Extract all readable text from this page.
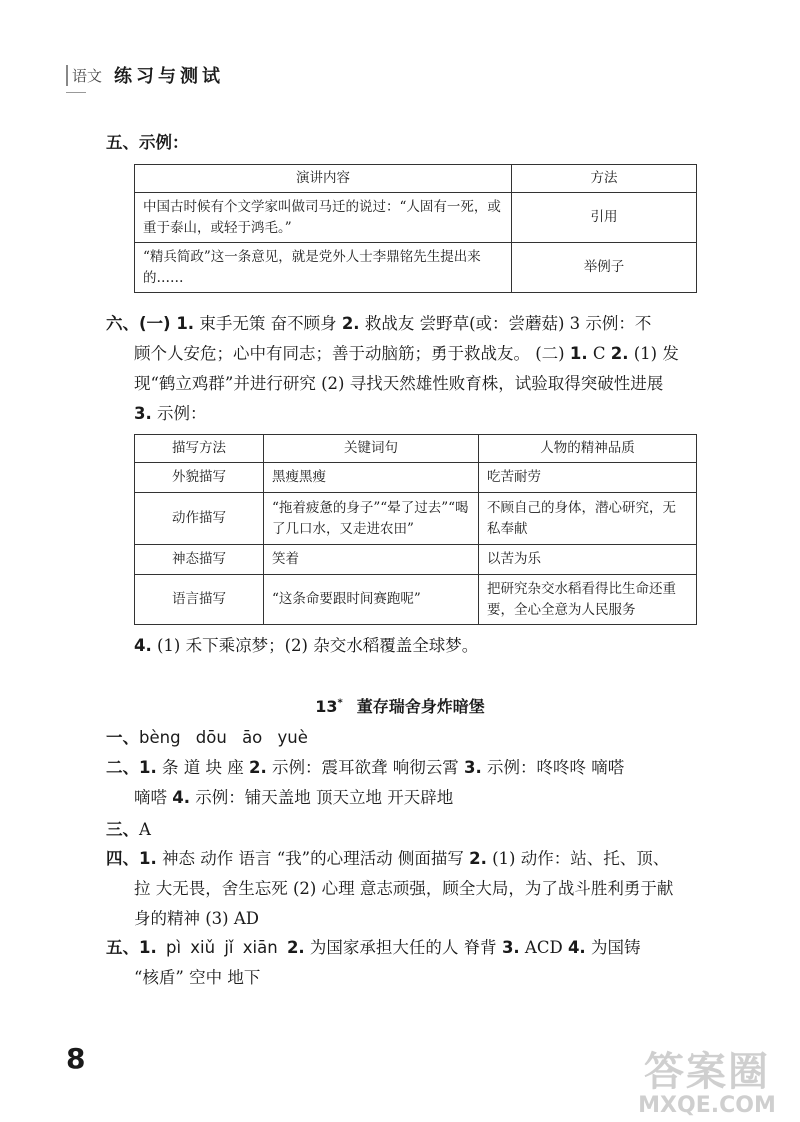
语文 练习与测试
五、示例：
演讲内容	方法
中国古时候有个文学家叫做司马迁的说过：“人固有一死，或重于泰山，或轻于鸿毛。”	引用
“精兵简政”这一条意见，就是党外人士李鼎铭先生提出来的……	举例子
六、(一) 1. 束手无策 奋不顾身 2. 救战友 尝野草(或：尝蘑菇) 3 示例：不
顾个人安危；心中有同志；善于动脑筋；勇于救战友。 (二) 1. C 2. (1) 发
现“鹤立鸡群”并进行研究 (2) 寻找天然雄性败育株，试验取得突破性进展
3. 示例：
描写方法	关键词句	人物的精神品质
外貌描写	黑瘦黑瘦	吃苦耐劳
动作描写	“拖着疲惫的身子”“晕了过去”“喝了几口水，又走进农田”	不顾自己的身体，潜心研究，无私奉献
神态描写	笑着	以苦为乐
语言描写	“这条命要跟时间赛跑呢”	把研究杂交水稻看得比生命还重要，全心全意为人民服务
4. (1) 禾下乘凉梦；(2) 杂交水稻覆盖全球梦。
13* 董存瑞舍身炸暗堡
一、bèng dōu āo yuè
二、1. 条 道 块 座 2. 示例：震耳欲聋 响彻云霄 3. 示例：咚咚咚 嘀嗒
嘀嗒 4. 示例：铺天盖地 顶天立地 开天辟地
三、A
四、1. 神态 动作 语言 “我”的心理活动 侧面描写 2. (1) 动作：站、托、顶、
拉 大无畏，舍生忘死 (2) 心理 意志顽强，顾全大局，为了战斗胜利勇于献
身的精神 (3) AD
五、1. pì xiǔ jǐ xiān 2. 为国家承担大任的人 脊背 3. ACD 4. 为国铸
“核盾” 空中 地下
8	答案圈
MXQE.COM
